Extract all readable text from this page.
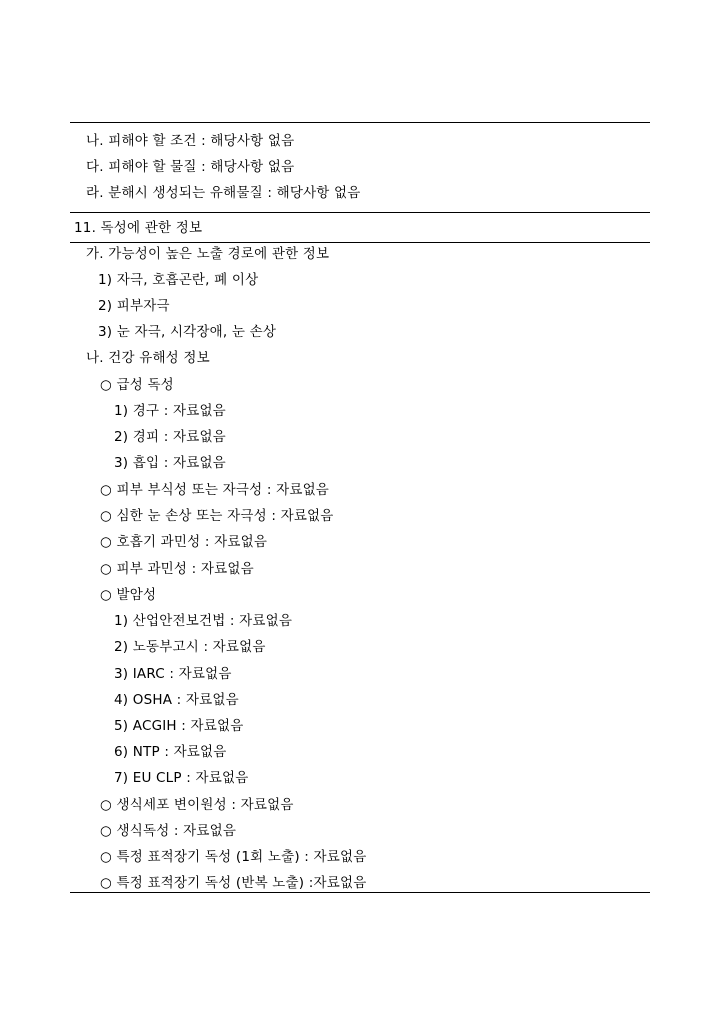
나. 피해야 할 조건 : 해당사항 없음
다. 피해야 할 물질 : 해당사항 없음
라. 분해시 생성되는 유해물질 : 해당사항 없음
11. 독성에 관한 정보
가. 가능성이 높은 노출 경로에 관한 정보
1) 자극, 호흡곤란, 폐 이상
2) 피부자극
3) 눈 자극, 시각장애, 눈 손상
나. 건강 유해성 정보
○ 급성 독성
1) 경구 : 자료없음
2) 경피 : 자료없음
3) 흡입 : 자료없음
○ 피부 부식성 또는 자극성 : 자료없음
○ 심한 눈 손상 또는 자극성 : 자료없음
○ 호흡기 과민성 : 자료없음
○ 피부 과민성 : 자료없음
○ 발암성
1) 산업안전보건법 : 자료없음
2) 노동부고시 : 자료없음
3) IARC : 자료없음
4) OSHA : 자료없음
5) ACGIH : 자료없음
6) NTP : 자료없음
7) EU CLP : 자료없음
○ 생식세포 변이원성 : 자료없음
○ 생식독성 : 자료없음
○ 특정 표적장기 독성 (1회 노출) : 자료없음
○ 특정 표적장기 독성 (반복 노출) :자료없음
